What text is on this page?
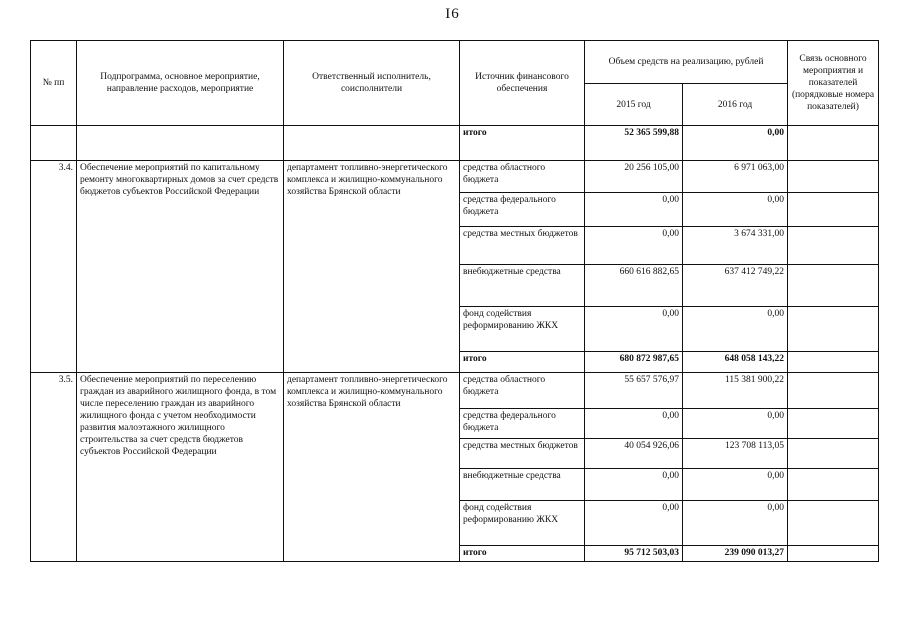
I6
№ пп	Подпрограмма, основное мероприятие, направление расходов, мероприятие	Ответственный исполнитель, соисполнители	Источник финансового обеспечения	Объем средств на реализацию, рублей		Связь основного мероприятия и показателей (порядковые номера показателей)
				2015 год	2016 год	
			итого	52 365 599,88	0,00	
3.4.	Обеспечение мероприятий по капитальному ремонту многоквартирных домов за счет средств бюджетов субъектов Российской Федерации	департамент топливно-энергетического комплекса и жилищно-коммунального хозяйства Брянской области	средства областного бюджета	20 256 105,00	6 971 063,00	
			средства федерального бюджета	0,00	0,00	
			средства местных бюджетов	0,00	3 674 331,00	
			внебюджетные средства	660 616 882,65	637 412 749,22	
			фонд содействия реформированию ЖКХ	0,00	0,00	
			итого	680 872 987,65	648 058 143,22	
3.5.	Обеспечение мероприятий по переселению граждан из аварийного жилищного фонда, в том числе переселению граждан из аварийного жилищного фонда с учетом необходимости развития малоэтажного жилищного строительства за счет средств бюджетов субъектов Российской Федерации	департамент топливно-энергетического комплекса и жилищно-коммунального хозяйства Брянской области	средства областного бюджета	55 657 576,97	115 381 900,22	
			средства федерального бюджета	0,00	0,00	
			средства местных бюджетов	40 054 926,06	123 708 113,05	
			внебюджетные средства	0,00	0,00	
			фонд содействия реформированию ЖКХ	0,00	0,00	
			итого	95 712 503,03	239 090 013,27	
